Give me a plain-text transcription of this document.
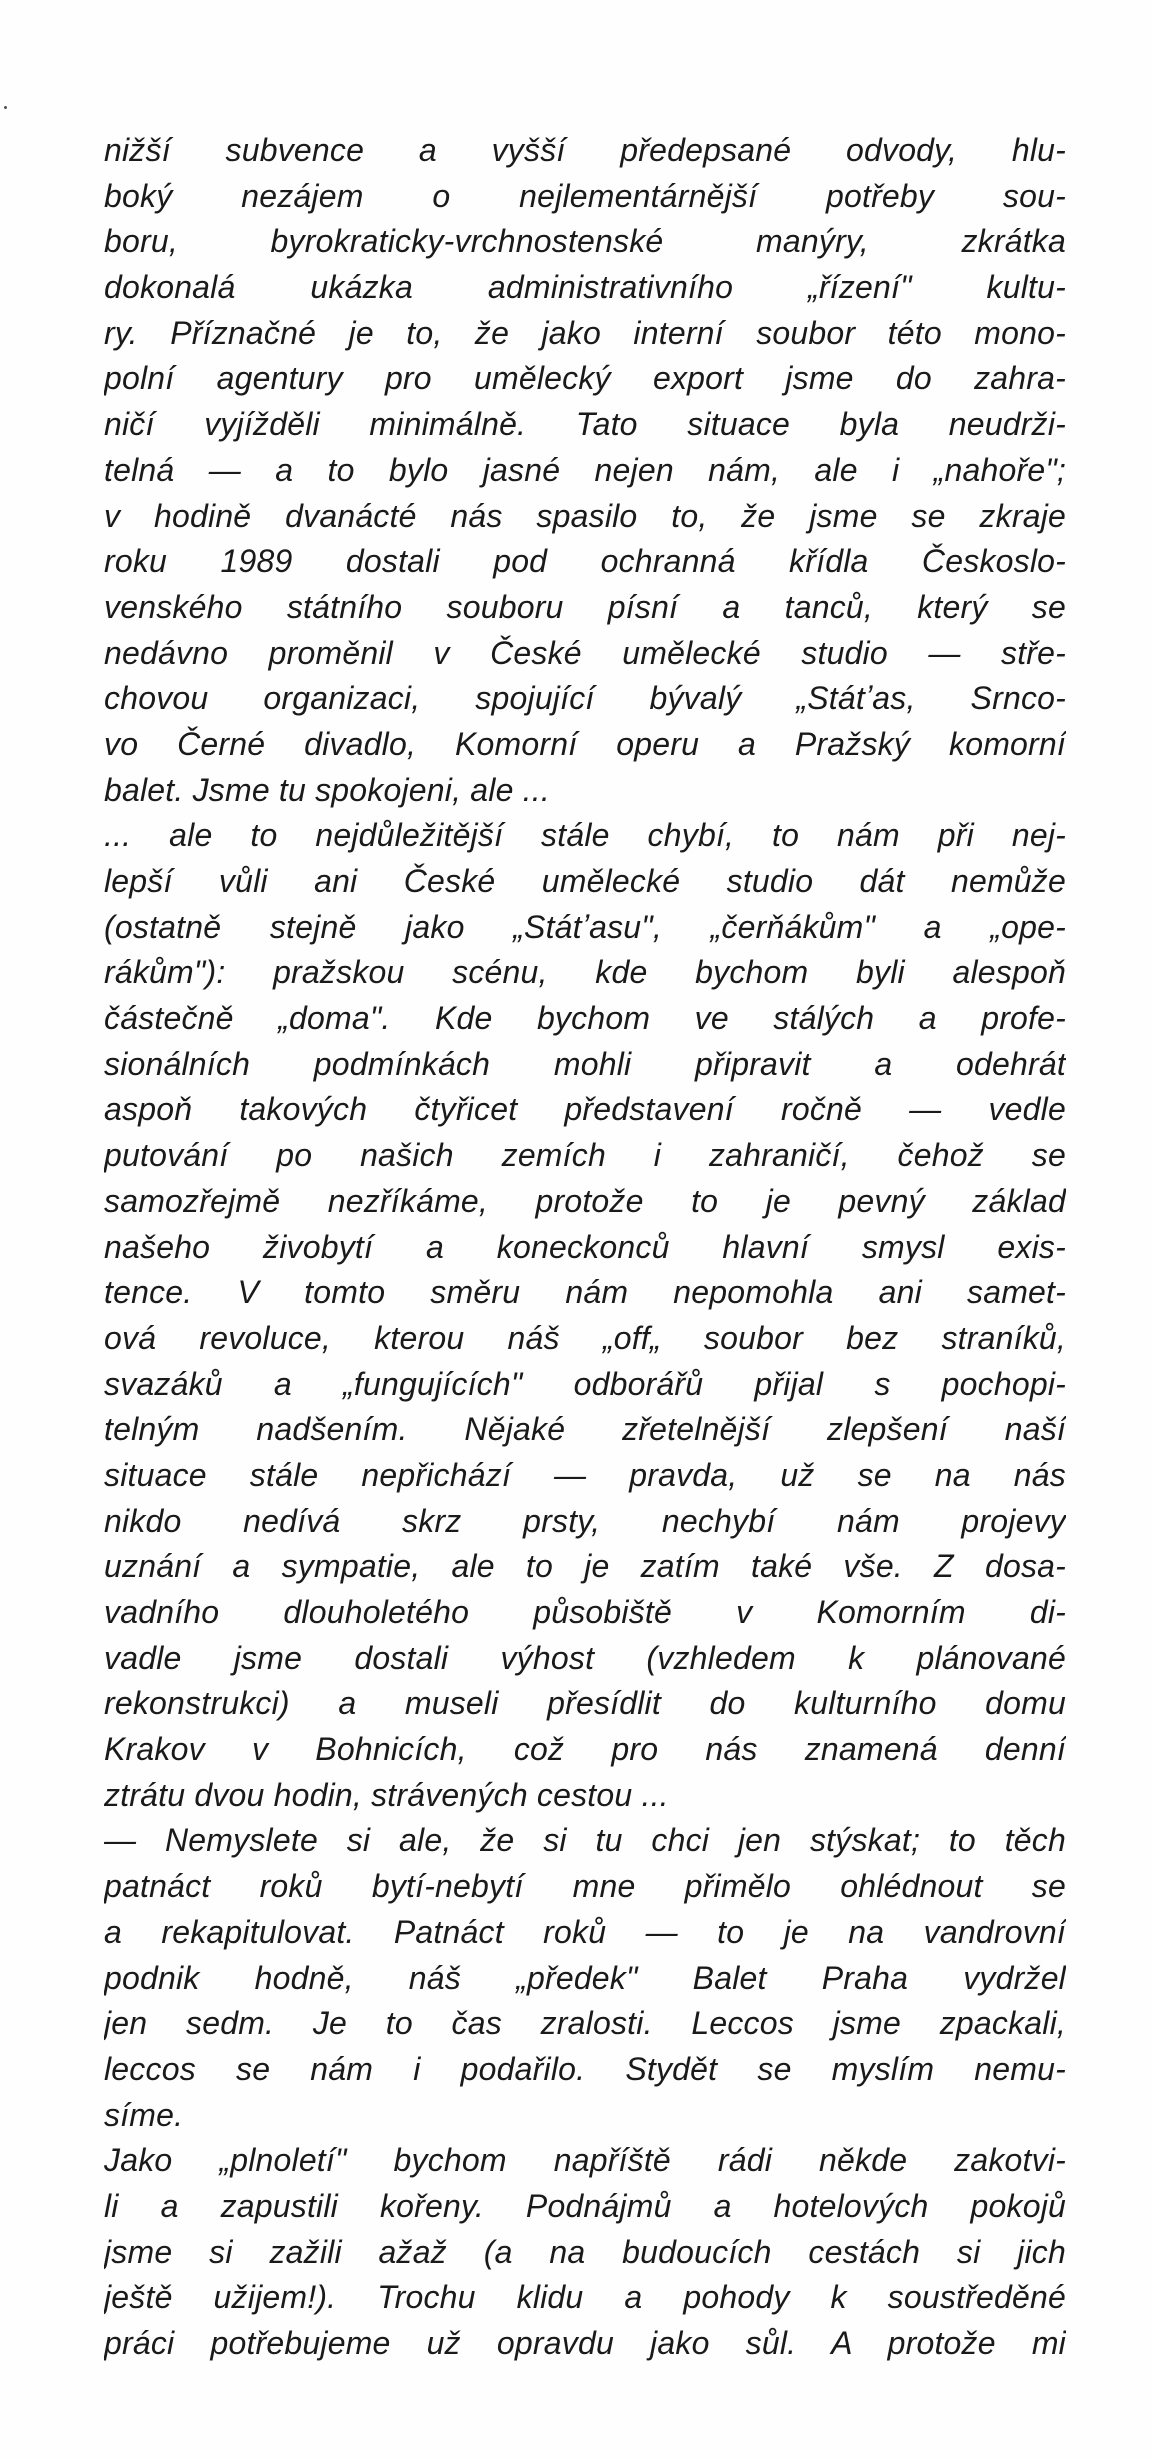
nižší subvence a vyšší předepsané odvody, hlu-
boký nezájem o nejlementárnější potřeby sou-
boru, byrokraticky-vrchnostenské manýry, zkrátka
dokonalá ukázka administrativního „řízení" kultu-
ry. Příznačné je to, že jako interní soubor této mono-
polní agentury pro umělecký export jsme do zahra-
ničí vyjížděli minimálně. Tato situace byla neudrži-
telná — a to bylo jasné nejen nám, ale i „nahoře";
v hodině dvanácté nás spasilo to, že jsme se zkraje
roku 1989 dostali pod ochranná křídla Českoslo-
venského státního souboru písní a tanců, který se
nedávno proměnil v České umělecké studio — stře-
chovou organizaci, spojující bývalý „Státʼas, Srnco-
vo Černé divadlo, Komorní operu a Pražský komorní
balet. Jsme tu spokojeni, ale ...
... ale to nejdůležitější stále chybí, to nám při nej-
lepší vůli ani České umělecké studio dát nemůže
(ostatně stejně jako „Státʼasu", „čerňákům" a „ope-
rákům"): pražskou scénu, kde bychom byli alespoň
částečně „doma". Kde bychom ve stálých a profe-
sionálních podmínkách mohli připravit a odehrát
aspoň takových čtyřicet představení ročně — vedle
putování po našich zemích i zahraničí, čehož se
samozřejmě nezříkáme, protože to je pevný základ
našeho živobytí a koneckonců hlavní smysl exis-
tence. V tomto směru nám nepomohla ani samet-
ová revoluce, kterou náš „off„ soubor bez straníků,
svazáků a „fungujících" odborářů přijal s pochopi-
telným nadšením. Nějaké zřetelnější zlepšení naší
situace stále nepřichází — pravda, už se na nás
nikdo nedívá skrz prsty, nechybí nám projevy
uznání a sympatie, ale to je zatím také vše. Z dosa-
vadního dlouholetého působiště v Komorním di-
vadle jsme dostali výhost (vzhledem k plánované
rekonstrukci) a museli přesídlit do kulturního domu
Krakov v Bohnicích, což pro nás znamená denní
ztrátu dvou hodin, strávených cestou ...
— Nemyslete si ale, že si tu chci jen stýskat; to těch
patnáct roků bytí-nebytí mne přimělo ohlédnout se
a rekapitulovat. Patnáct roků — to je na vandrovní
podnik hodně, náš „předek" Balet Praha vydržel
jen sedm. Je to čas zralosti. Leccos jsme zpackali,
leccos se nám i podařilo. Stydět se myslím nemu-
síme.
Jako „plnoletí" bychom napříště rádi někde zakotvi-
li a zapustili kořeny. Podnájmů a hotelových pokojů
jsme si zažili ažaž (a na budoucích cestách si jich
ještě užijem!). Trochu klidu a pohody k soustředěné
práci potřebujeme už opravdu jako sůl. A protože mi
